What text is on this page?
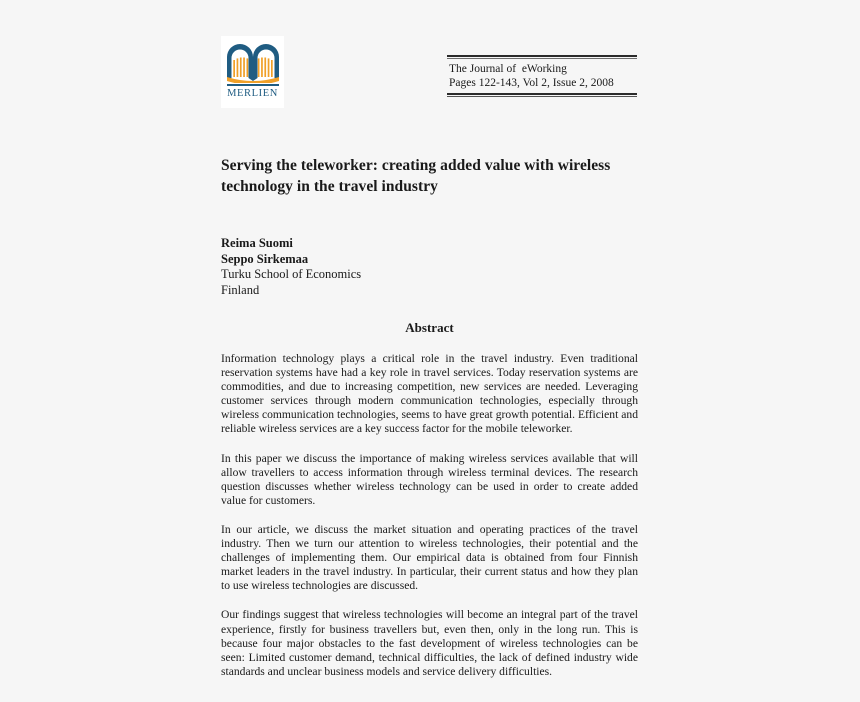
MERLIEN
The Journal of  eWorking
Pages 122-143, Vol 2, Issue 2, 2008
Serving the teleworker: creating added value with wireless technology in the travel industry
Reima Suomi
Seppo Sirkemaa
Turku School of Economics
Finland
Abstract

Information technology plays a critical role in the travel industry. Even traditional reservation systems have had a key role in travel services. Today reservation systems are commodities, and due to increasing competition, new services are needed. Leveraging customer services through modern communication technologies, especially through wireless communication technologies, seems to have great growth potential. Efficient and reliable wireless services are a key success factor for the mobile teleworker.

In this paper we discuss the importance of making wireless services available that will allow travellers to access information through wireless terminal devices. The research question discusses whether wireless technology can be used in order to create added value for customers.

In our article, we discuss the market situation and operating practices of the travel industry. Then we turn our attention to wireless technologies, their potential and the challenges of implementing them. Our empirical data is obtained from four Finnish market leaders in the travel industry. In particular, their current status and how they plan to use wireless technologies are discussed.

Our findings suggest that wireless technologies will become an integral part of the travel experience, firstly for business travellers but, even then, only in the long run. This is because four major obstacles to the fast development of wireless technologies can be seen: Limited customer demand, technical difficulties, the lack of defined industry wide standards and unclear business models and service delivery difficulties.
